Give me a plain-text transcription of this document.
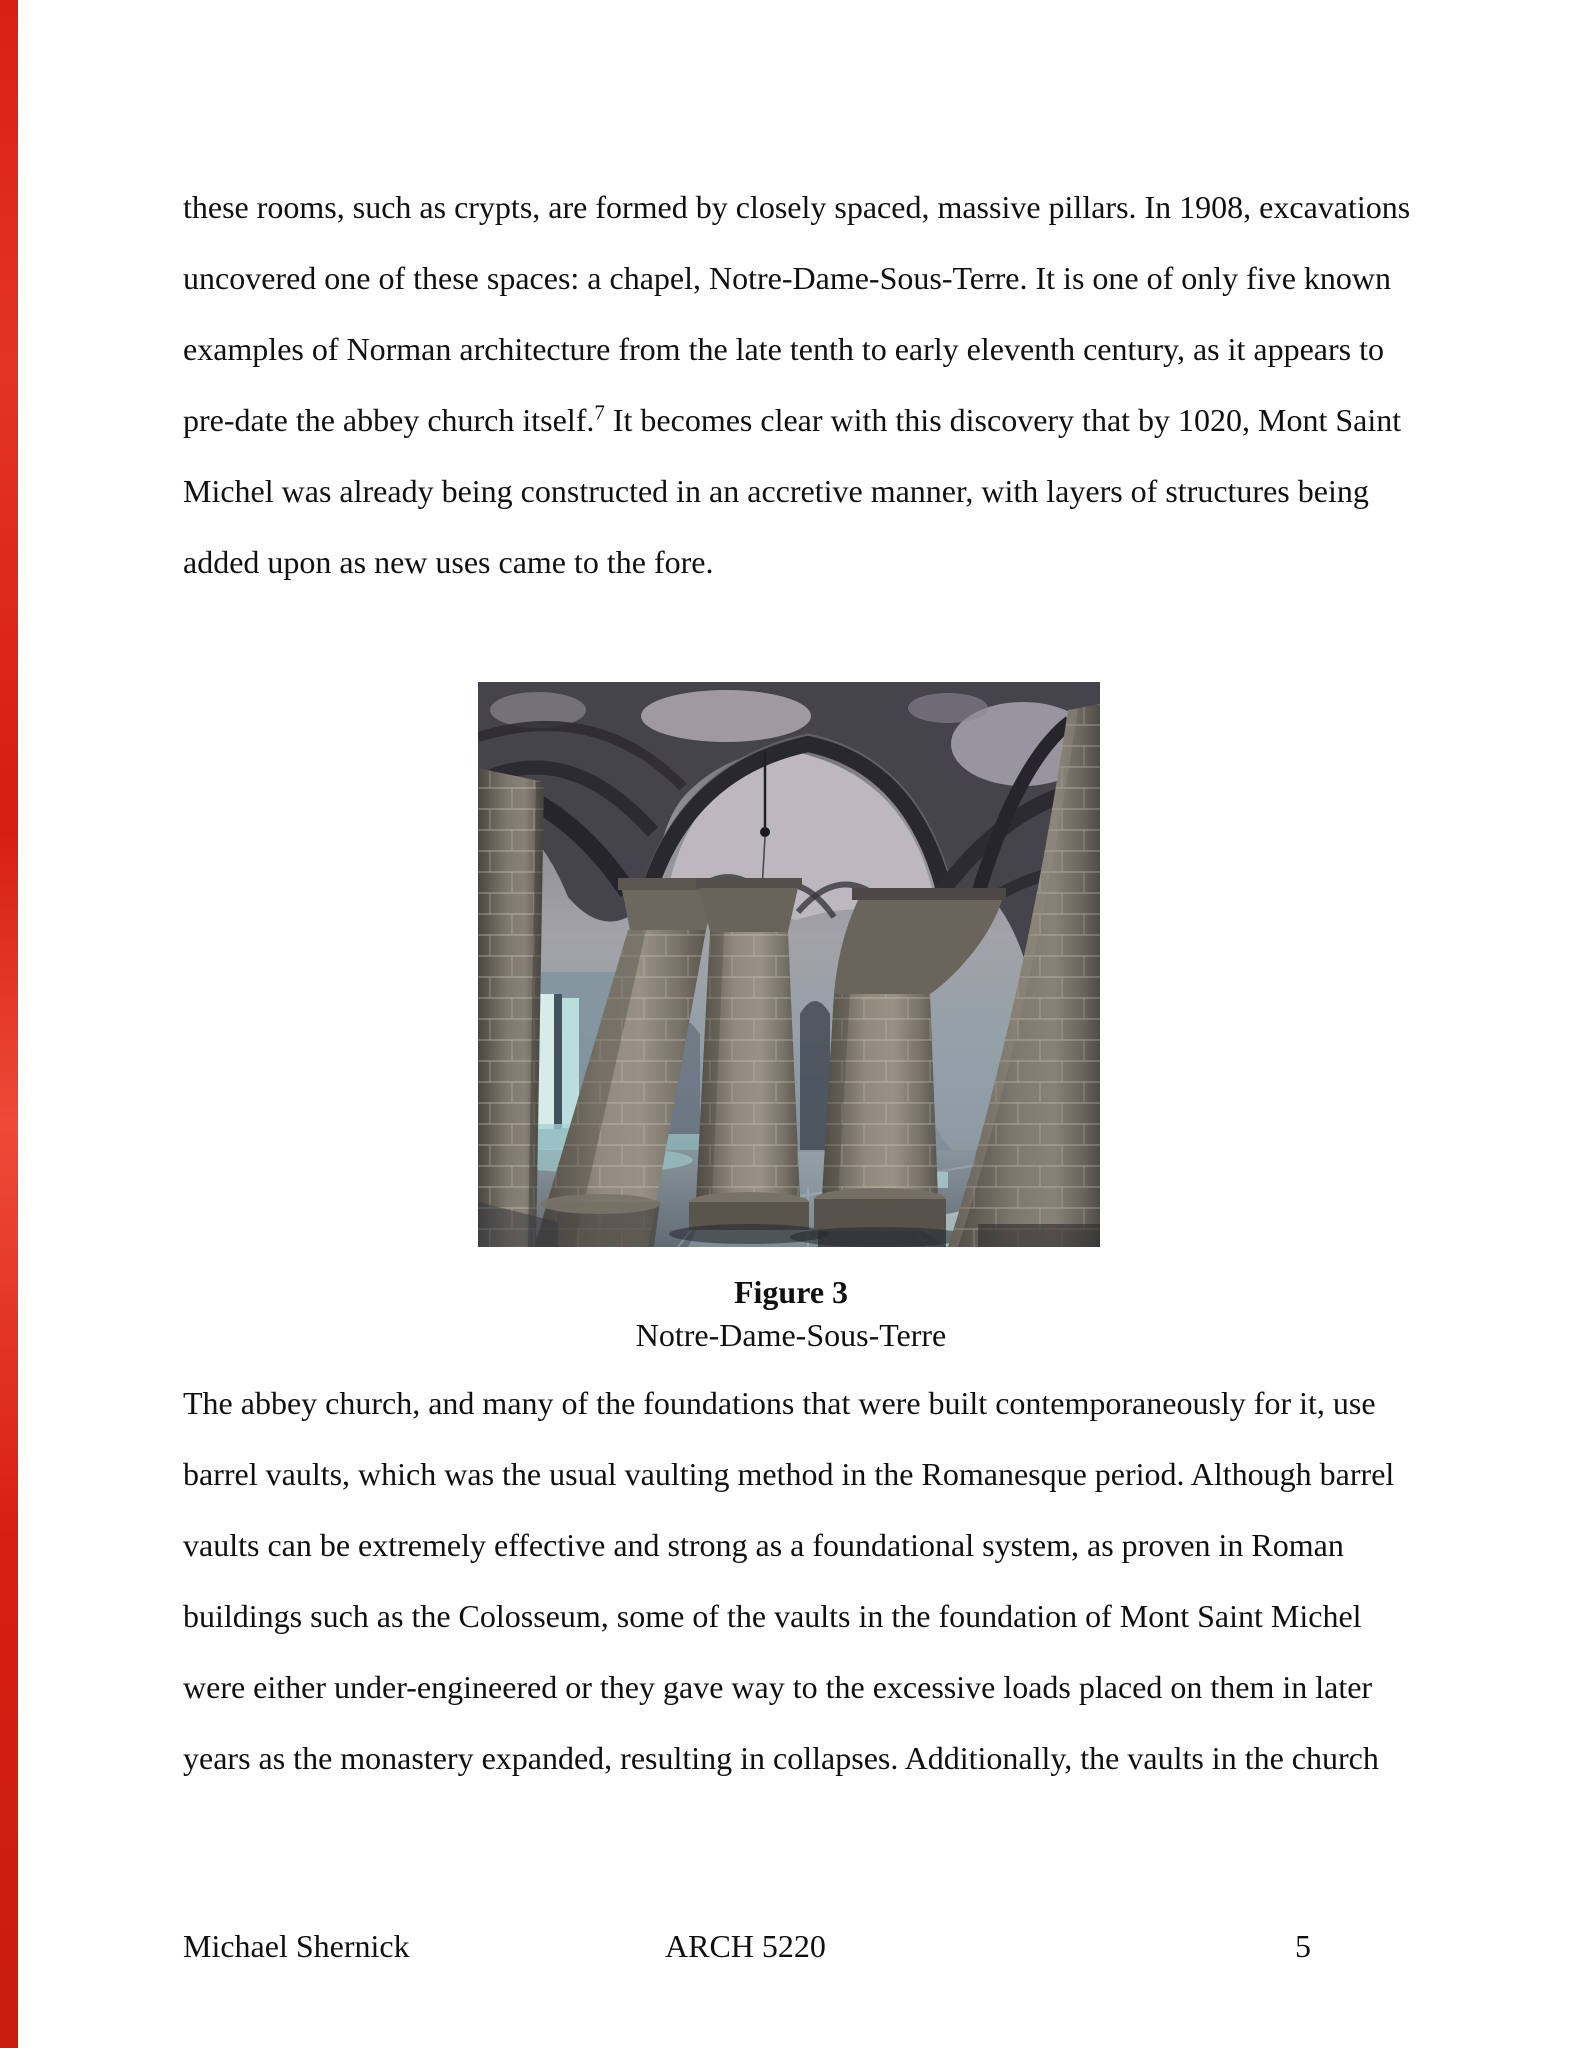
these rooms, such as crypts, are formed by closely spaced, massive pillars. In 1908, excavations
uncovered one of these spaces: a chapel, Notre-Dame-Sous-Terre. It is one of only five known
examples of Norman architecture from the late tenth to early eleventh century, as it appears to
pre-date the abbey church itself.$^7$ It becomes clear with this discovery that by 1020, Mont Saint
Michel was already being constructed in an accretive manner, with layers of structures being
added upon as new uses came to the fore.
Figure 3
Notre-Dame-Sous-Terre
The abbey church, and many of the foundations that were built contemporaneously for it, use
barrel vaults, which was the usual vaulting method in the Romanesque period. Although barrel
vaults can be extremely effective and strong as a foundational system, as proven in Roman
buildings such as the Colosseum, some of the vaults in the foundation of Mont Saint Michel
were either under-engineered or they gave way to the excessive loads placed on them in later
years as the monastery expanded, resulting in collapses. Additionally, the vaults in the church
Michael Shernick	ARCH 5220	5
